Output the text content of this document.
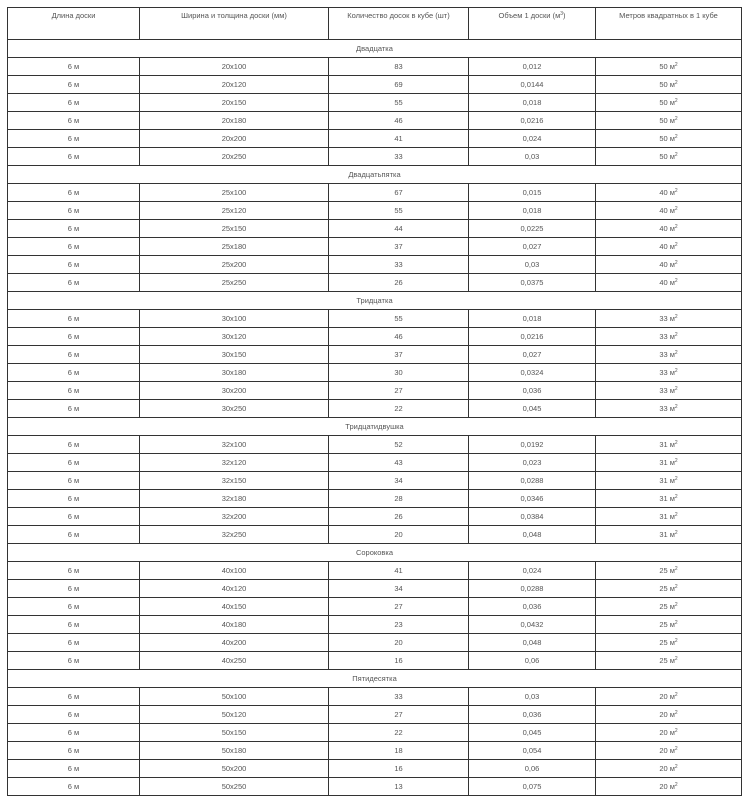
Длина доски	Ширина и толщина доски (мм)	Количество досок в кубе (шт)	Объем 1 доски $(м^3)$	Метров квадратных в 1 кубе
Двадцатка				
6 м	20х100	83	0,012	50 $м^2$
6 м	20х120	69	0,0144	50 $м^2$
6 м	20х150	55	0,018	50 $м^2$
6 м	20х180	46	0,0216	50 $м^2$
6 м	20х200	41	0,024	50 $м^2$
6 м	20х250	33	0,03	50 $м^2$
Двадцатьпятка				
6 м	25х100	67	0,015	40 $м^2$
6 м	25х120	55	0,018	40 $м^2$
6 м	25х150	44	0,0225	40 $м^2$
6 м	25х180	37	0,027	40 $м^2$
6 м	25х200	33	0,03	40 $м^2$
6 м	25х250	26	0,0375	40 $м^2$
Тридцатка				
6 м	30х100	55	0,018	33 $м^2$
6 м	30х120	46	0,0216	33 $м^2$
6 м	30х150	37	0,027	33 $м^2$
6 м	30х180	30	0,0324	33 $м^2$
6 м	30х200	27	0,036	33 $м^2$
6 м	30х250	22	0,045	33 $м^2$
Тридцатидвушка				
6 м	32х100	52	0,0192	31 $м^2$
6 м	32х120	43	0,023	31 $м^2$
6 м	32х150	34	0,0288	31 $м^2$
6 м	32х180	28	0,0346	31 $м^2$
6 м	32х200	26	0,0384	31 $м^2$
6 м	32х250	20	0,048	31 $м^2$
Сороковка				
6 м	40х100	41	0,024	25 $м^2$
6 м	40х120	34	0,0288	25 $м^2$
6 м	40х150	27	0,036	25 $м^2$
6 м	40х180	23	0,0432	25 $м^2$
6 м	40х200	20	0,048	25 $м^2$
6 м	40х250	16	0,06	25 $м^2$
Пятидесятка				
6 м	50х100	33	0,03	20 $м^2$
6 м	50х120	27	0,036	20 $м^2$
6 м	50х150	22	0,045	20 $м^2$
6 м	50х180	18	0,054	20 $м^2$
6 м	50х200	16	0,06	20 $м^2$
6 м	50х250	13	0,075	20 $м^2$
